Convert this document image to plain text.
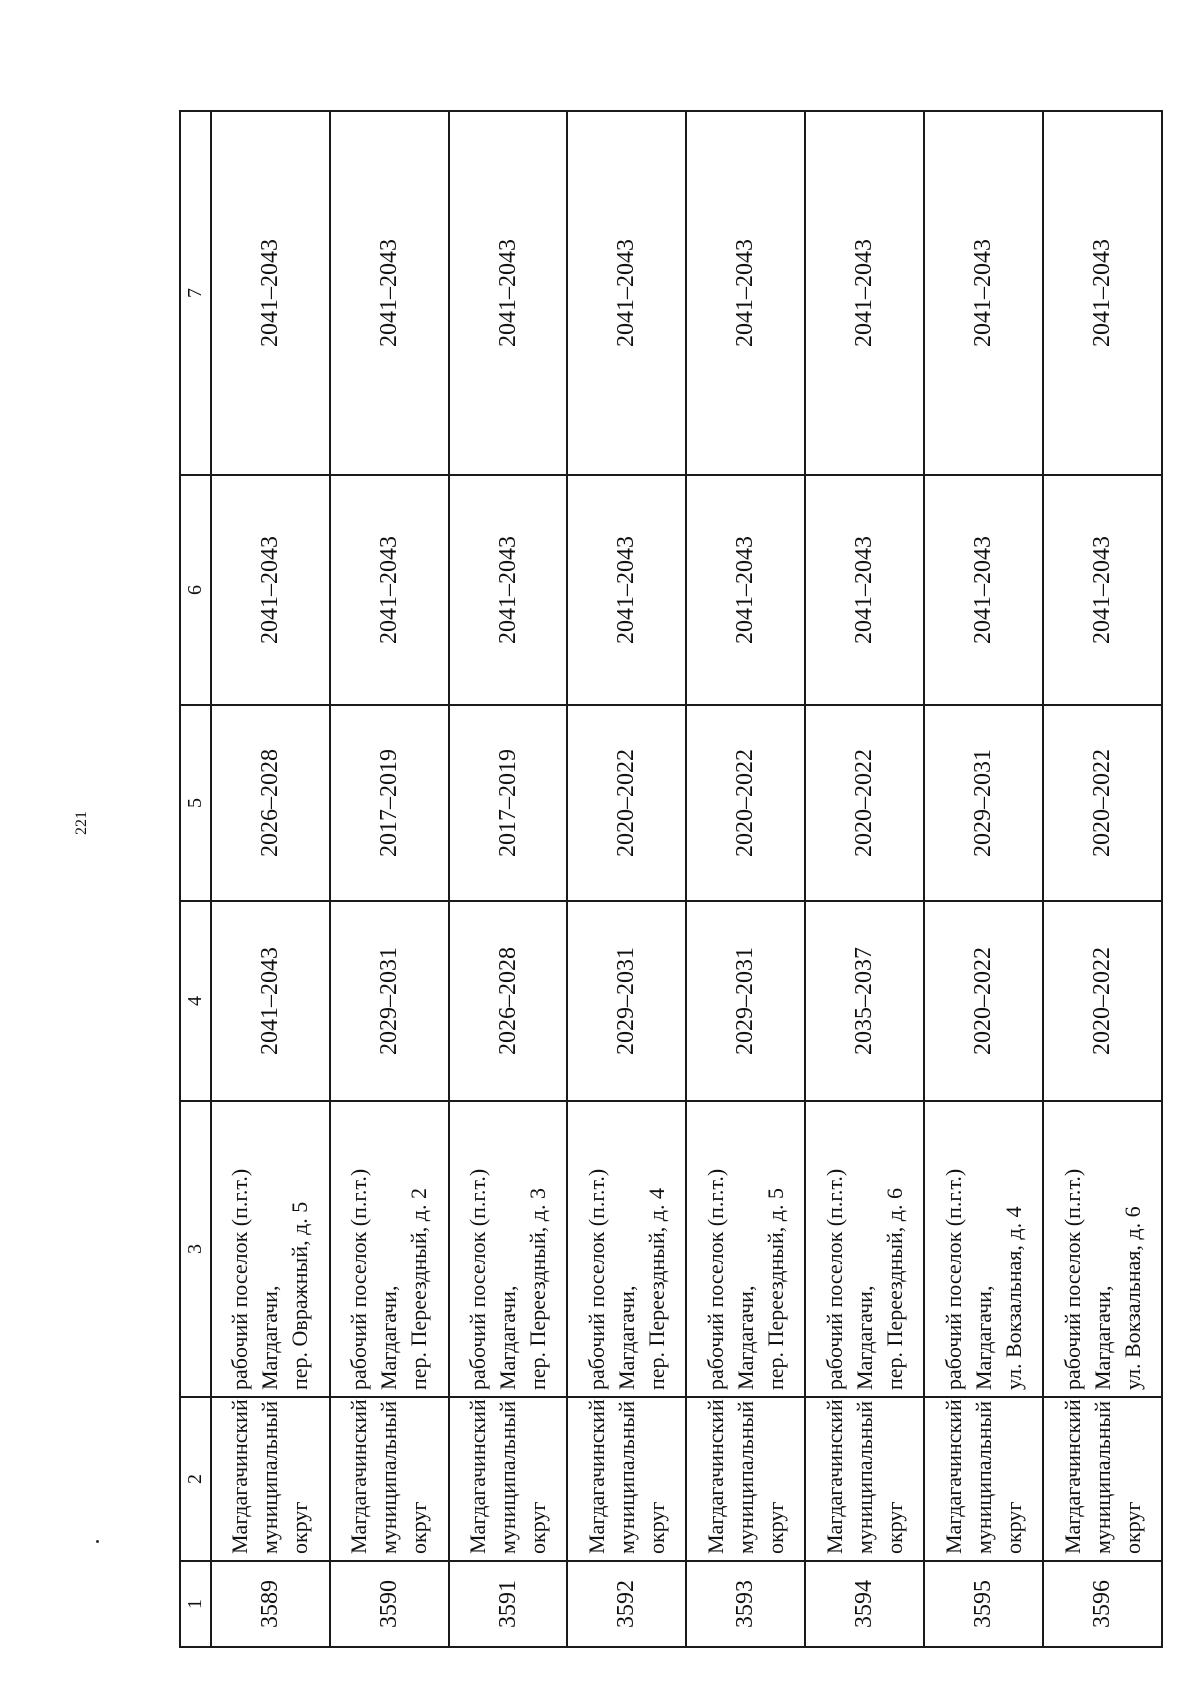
221
1	2	3	4	5	6	7
3589	Магдагачинский муниципальный округ	рабочий поселок (п.г.т.) Магдагачи, пер. Овражный, д. 5	2041–2043	2026–2028	2041–2043	2041–2043
3590	Магдагачинский муниципальный округ	рабочий поселок (п.г.т.) Магдагачи, пер. Переездный, д. 2	2029–2031	2017–2019	2041–2043	2041–2043
3591	Магдагачинский муниципальный округ	рабочий поселок (п.г.т.) Магдагачи, пер. Переездный, д. 3	2026–2028	2017–2019	2041–2043	2041–2043
3592	Магдагачинский муниципальный округ	рабочий поселок (п.г.т.) Магдагачи, пер. Переездный, д. 4	2029–2031	2020–2022	2041–2043	2041–2043
3593	Магдагачинский муниципальный округ	рабочий поселок (п.г.т.) Магдагачи, пер. Переездный, д. 5	2029–2031	2020–2022	2041–2043	2041–2043
3594	Магдагачинский муниципальный округ	рабочий поселок (п.г.т.) Магдагачи, пер. Переездный, д. 6	2035–2037	2020–2022	2041–2043	2041–2043
3595	Магдагачинский муниципальный округ	рабочий поселок (п.г.т.) Магдагачи, ул. Вокзальная, д. 4	2020–2022	2029–2031	2041–2043	2041–2043
3596	Магдагачинский муниципальный округ	рабочий поселок (п.г.т.) Магдагачи, ул. Вокзальная, д. 6	2020–2022	2020–2022	2041–2043	2041–2043
